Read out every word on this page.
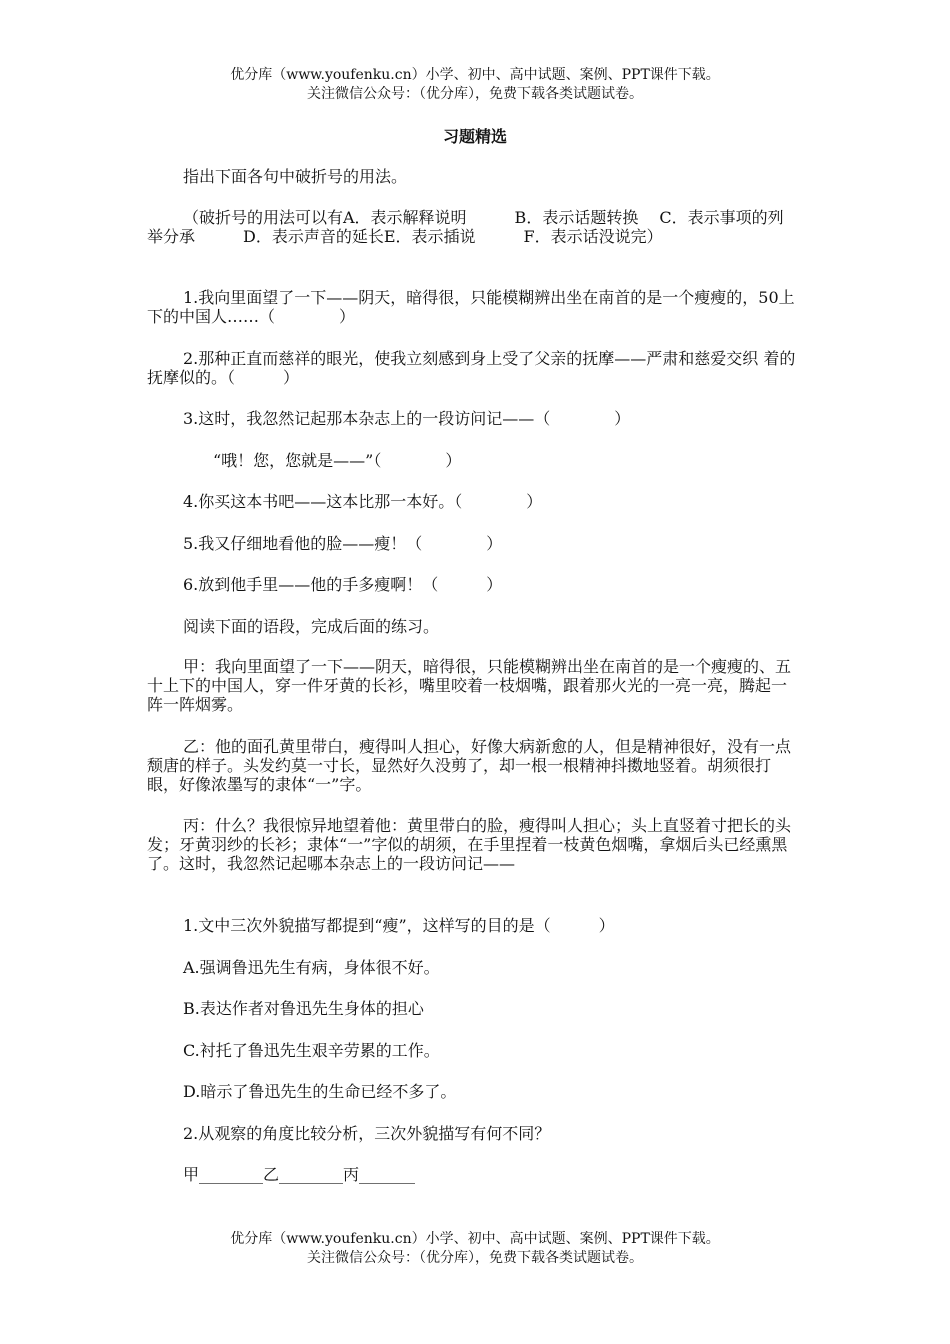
优分库（www.youfenku.cn）小学、初中、高中试题、案例、PPT课件下载。
关注微信公众号：（优分库），免费下载各类试题试卷。
习题精选

指出下面各句中破折号的用法。

（破折号的用法可以有A．表示解释说明　　　B．表示话题转换　 C．表示事项的列举分承　　　D．表示声音的延长E．表示插说　　　F．表示话没说完）

1.我向里面望了一下——阴天，暗得很，只能模糊辨出坐在南首的是一个瘦瘦的，50上下的中国人……（　　　　）

2.那种正直而慈祥的眼光，使我立刻感到身上受了父亲的抚摩——严肃和慈爱交织 着的抚摩似的。（　　　）

3.这时，我忽然记起那本杂志上的一段访问记——（　　　　）

“哦！您，您就是——”（　　　　）

4.你买这本书吧——这本比那一本好。（　　　　）

5.我又仔细地看他的脸——瘦！（　　　　）

6.放到他手里——他的手多瘦啊！（　　　）

阅读下面的语段，完成后面的练习。

甲：我向里面望了一下——阴天，暗得很，只能模糊辨出坐在南首的是一个瘦瘦的、五十上下的中国人，穿一件牙黄的长衫，嘴里咬着一枝烟嘴，跟着那火光的一亮一亮，腾起一阵一阵烟雾。

乙：他的面孔黄里带白，瘦得叫人担心，好像大病新愈的人，但是精神很好，没有一点颓唐的样子。头发约莫一寸长，显然好久没剪了，却一根一根精神抖擞地竖着。胡须很打眼，好像浓墨写的隶体“一”字。

丙：什么？我很惊异地望着他：黄里带白的脸，瘦得叫人担心；头上直竖着寸把长的头发；牙黄羽纱的长衫；隶体“一”字似的胡须，在手里捏着一枝黄色烟嘴，拿烟后头已经熏黑了。这时，我忽然记起哪本杂志上的一段访问记——

1.文中三次外貌描写都提到“瘦”，这样写的目的是（　　　）

A.强调鲁迅先生有病，身体很不好。

B.表达作者对鲁迅先生身体的担心

C.衬托了鲁迅先生艰辛劳累的工作。

D.暗示了鲁迅先生的生命已经不多了。

2.从观察的角度比较分析，三次外貌描写有何不同？

甲________乙________丙_______

优分库（www.youfenku.cn）小学、初中、高中试题、案例、PPT课件下载。
关注微信公众号：（优分库），免费下载各类试题试卷。
